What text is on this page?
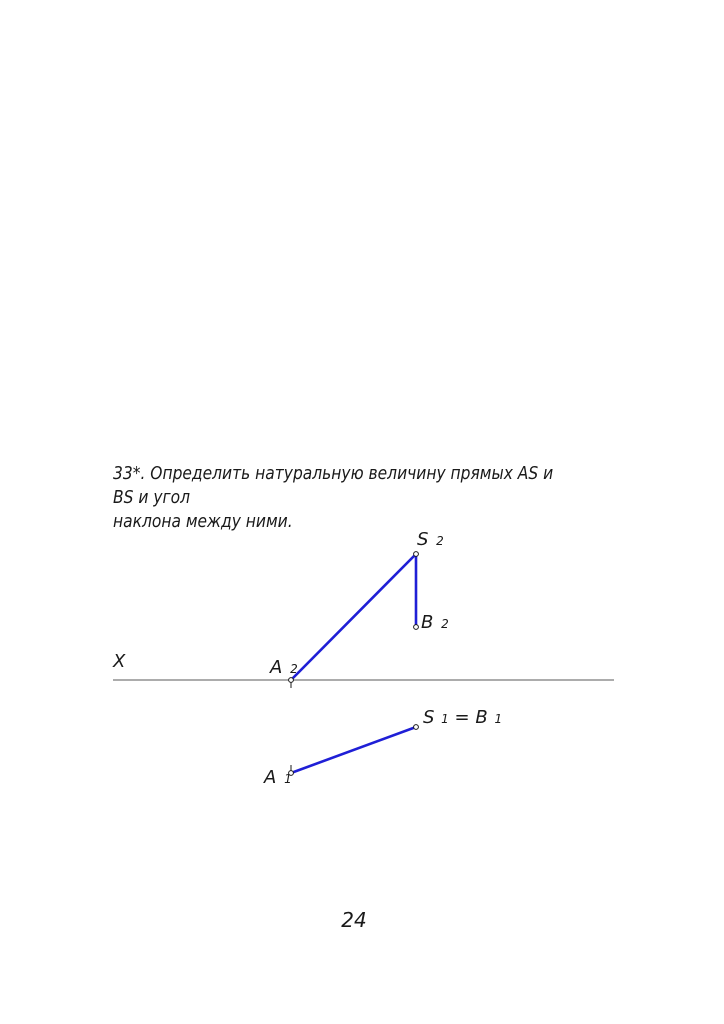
33*. Определить натуральную величину прямых AS и BS и угол
наклона между ними.

X
S 2
B 2
A 2
A 1
S 1 = B 1

24
